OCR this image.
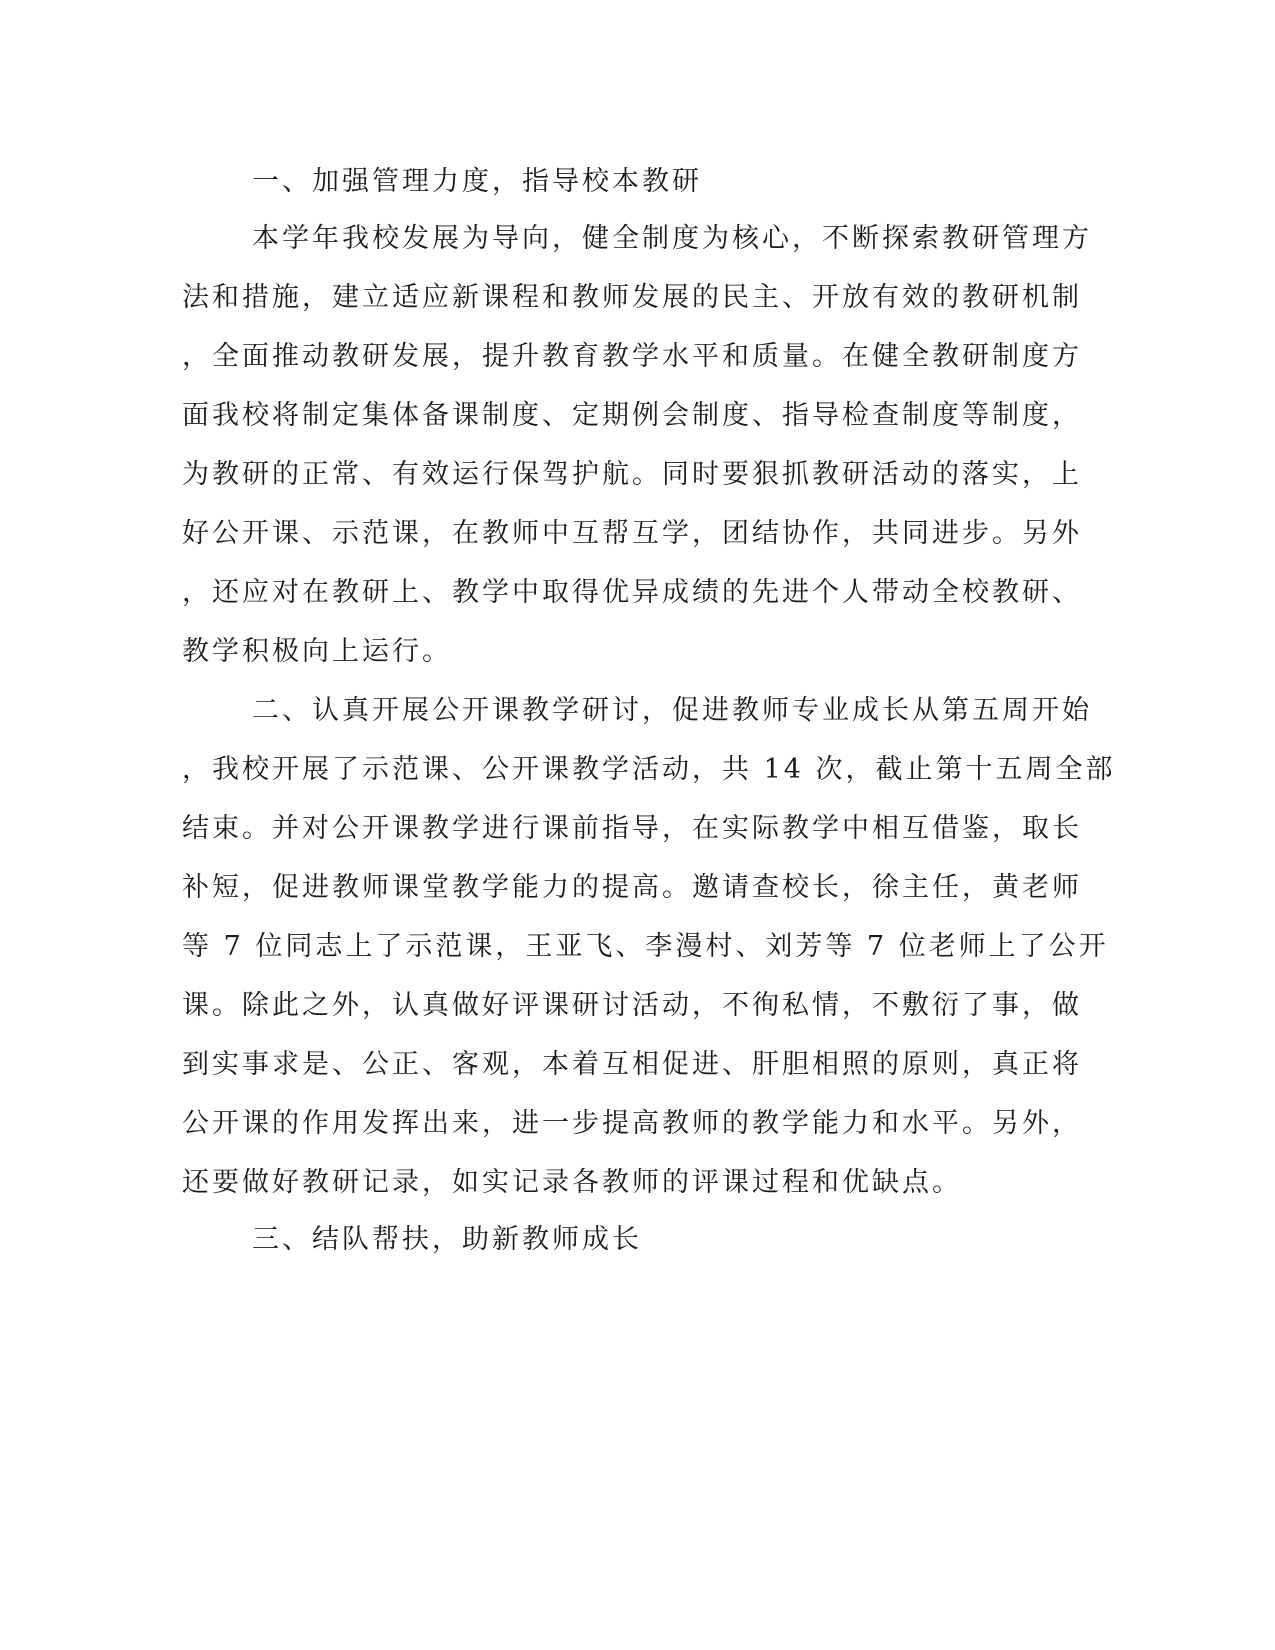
一、加强管理力度，指导校本教研
本学年我校发展为导向，健全制度为核心，不断探索教研管理方
法和措施，建立适应新课程和教师发展的民主、开放有效的教研机制
，全面推动教研发展，提升教育教学水平和质量。在健全教研制度方
面我校将制定集体备课制度、定期例会制度、指导检查制度等制度，
为教研的正常、有效运行保驾护航。同时要狠抓教研活动的落实，上
好公开课、示范课，在教师中互帮互学，团结协作，共同进步。另外
，还应对在教研上、教学中取得优异成绩的先进个人带动全校教研、
教学积极向上运行。
二、认真开展公开课教学研讨，促进教师专业成长从第五周开始
，我校开展了示范课、公开课教学活动，共 14 次，截止第十五周全部
结束。并对公开课教学进行课前指导，在实际教学中相互借鉴，取长
补短，促进教师课堂教学能力的提高。邀请查校长，徐主任，黄老师
等 7 位同志上了示范课，王亚飞、李漫村、刘芳等 7 位老师上了公开
课。除此之外，认真做好评课研讨活动，不徇私情，不敷衍了事，做
到实事求是、公正、客观，本着互相促进、肝胆相照的原则，真正将
公开课的作用发挥出来，进一步提高教师的教学能力和水平。另外，
还要做好教研记录，如实记录各教师的评课过程和优缺点。
三、结队帮扶，助新教师成长
